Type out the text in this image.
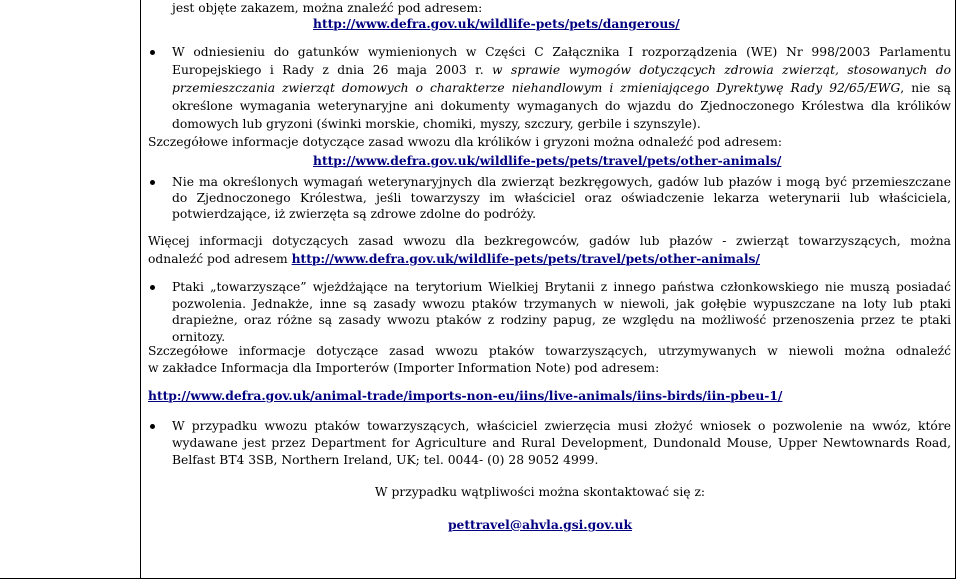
jest objęte zakazem, można znaleźć pod adresem:
http://www.defra.gov.uk/wildlife-pets/pets/dangerous/
W odniesieniu do gatunków wymienionych w Części C Załącznika I rozporządzenia (WE) Nr 998/2003 Parlamentu
Europejskiego i Rady z dnia 26 maja 2003 r. w sprawie wymogów dotyczących zdrowia zwierząt, stosowanych do
przemieszczania zwierząt domowych o charakterze niehandlowym i zmieniającego Dyrektywę Rady 92/65/EWG, nie są
określone wymagania weterynaryjne ani dokumenty wymaganych do wjazdu do Zjednoczonego Królestwa dla królików
domowych lub gryzoni (świnki morskie, chomiki, myszy, szczury, gerbile i szynszyle).
Szczegółowe informacje dotyczące zasad wwozu dla królików i gryzoni można odnaleźć pod adresem:
http://www.defra.gov.uk/wildlife-pets/pets/travel/pets/other-animals/
Nie ma określonych wymagań weterynaryjnych dla zwierząt bezkręgowych, gadów lub płazów i mogą być przemieszczane
do Zjednoczonego Królestwa, jeśli towarzyszy im właściciel oraz oświadczenie lekarza weterynarii lub właściciela,
potwierdzające, iż zwierzęta są zdrowe zdolne do podróży.
Więcej informacji dotyczących zasad wwozu dla bezkregowców, gadów lub płazów - zwierząt towarzyszących, można
odnaleźć pod adresem http://www.defra.gov.uk/wildlife-pets/pets/travel/pets/other-animals/
Ptaki „towarzyszące” wjeżdżające na terytorium Wielkiej Brytanii z innego państwa członkowskiego nie muszą posiadać
pozwolenia. Jednakże, inne są zasady wwozu ptaków trzymanych w niewoli, jak gołębie wypuszczane na loty lub ptaki
drapieżne, oraz różne są zasady wwozu ptaków z rodziny papug, ze względu na możliwość przenoszenia przez te ptaki
ornitozy.
Szczegółowe informacje dotyczące zasad wwozu ptaków towarzyszących, utrzymywanych w niewoli można odnaleźć
w zakładce Informacja dla Importerów (Importer Information Note) pod adresem:
http://www.defra.gov.uk/animal-trade/imports-non-eu/iins/live-animals/iins-birds/iin-pbeu-1/
W przypadku wwozu ptaków towarzyszących, właściciel zwierzęcia musi złożyć wniosek o pozwolenie na wwóz, które
wydawane jest przez Department for Agriculture and Rural Development, Dundonald Mouse, Upper Newtownards Road,
Belfast BT4 3SB, Northern Ireland, UK; tel. 0044- (0) 28 9052 4999.
W przypadku wątpliwości można skontaktować się z:
pettravel@ahvla.gsi.gov.uk
